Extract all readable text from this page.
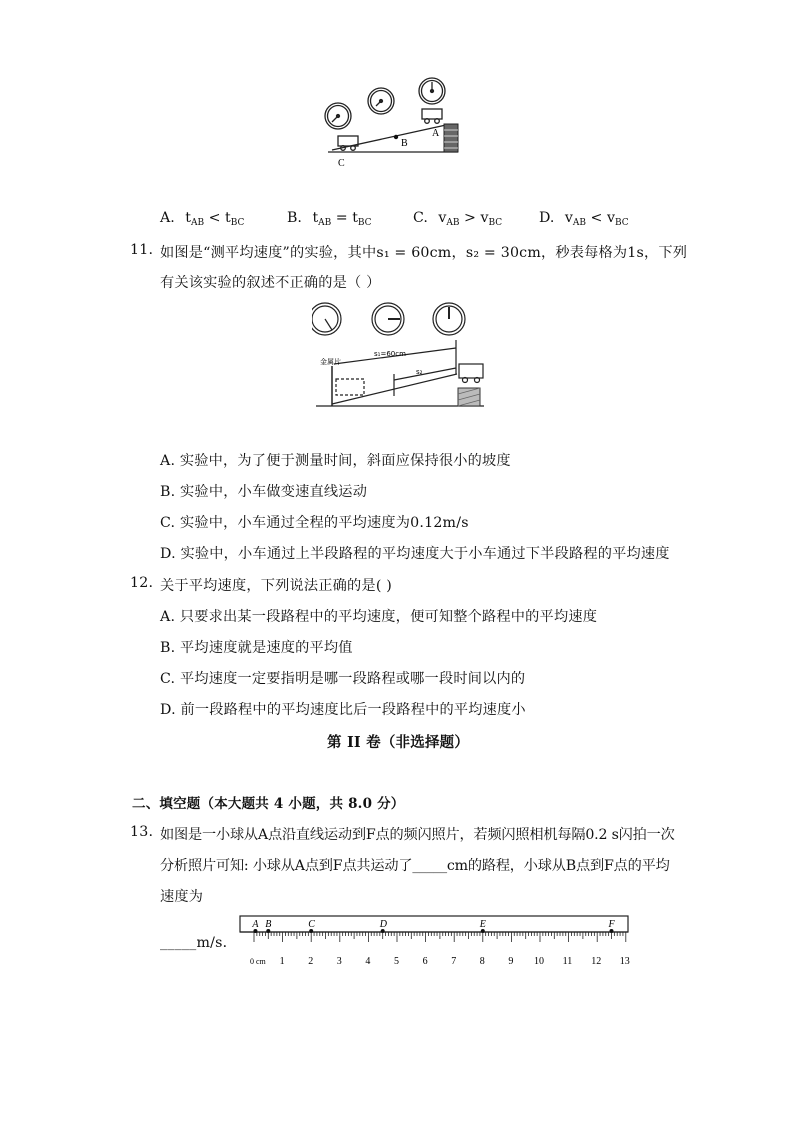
B
A
C
A. $t_{AB} < t_{BC}$	B. $t_{AB} = t_{BC}$	C. $v_{AB} > v_{BC}$	D. $v_{AB} < v_{BC}$
11. 如图是“测平均速度”的实验，其中s₁ = 60cm，s₂ = 30cm，秒表每格为1s，下列
有关该实验的叙述不正确的是（ ）
金属片
s₁=60cm
s₂
A. 实验中，为了便于测量时间，斜面应保持很小的坡度
B. 实验中，小车做变速直线运动
C. 实验中，小车通过全程的平均速度为0.12m/s
D. 实验中，小车通过上半段路程的平均速度大于小车通过下半段路程的平均速度
12. 关于平均速度，下列说法正确的是( )
A. 只要求出某一段路程中的平均速度，便可知整个路程中的平均速度
B. 平均速度就是速度的平均值
C. 平均速度一定要指明是哪一段路程或哪一段时间以内的
D. 前一段路程中的平均速度比后一段路程中的平均速度小
第 II 卷（非选择题）
二、填空题（本大题共 4 小题，共 8.0 分）
13. 如图是一小球从A点沿直线运动到F点的频闪照片，若频闪照相机每隔0.2 s闪拍一次
分析照片可知: 小球从A点到F点共运动了_____cm的路程，小球从B点到F点的平均
速度为
_____m/s．
0 cm 1 2 3 4 5 6 7 8 9 10 11 12 13
A B	C	D	E	F
